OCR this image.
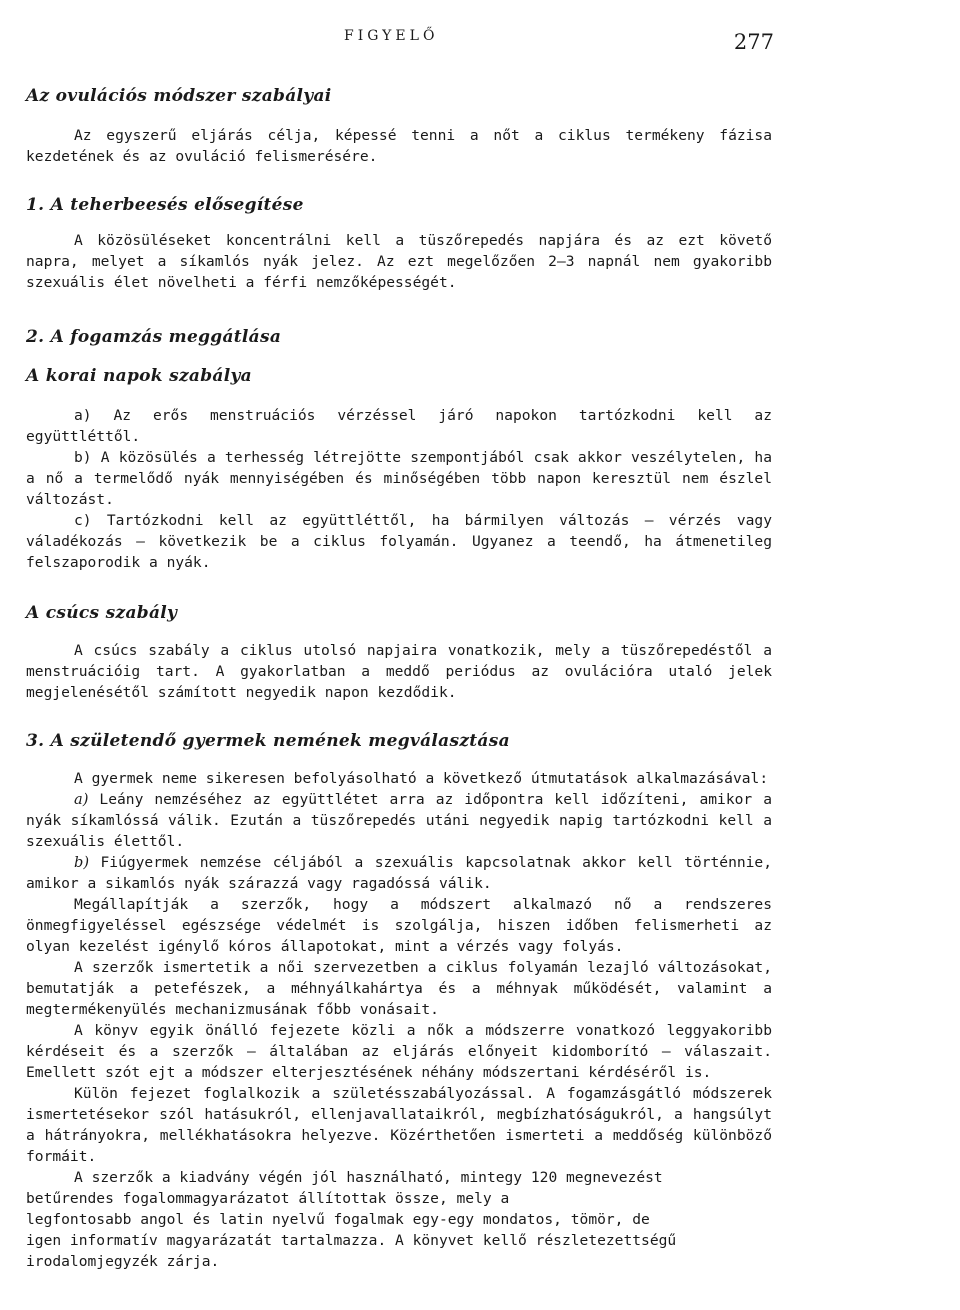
FIGYELŐ	277
Az ovulációs módszer szabályai

Az egyszerű eljárás célja, képessé tenni a nőt a ciklus termékeny fázisa kezdetének és az ovuláció felismerésére.

1. A teherbeesés elősegítése

A közösüléseket koncentrálni kell a tüszőrepedés napjára és az ezt követő napra, melyet a síkamlós nyák jelez. Az ezt megelőzően 2—3 napnál nem gyakoribb szexuális élet növelheti a férfi nemzőképességét.

2. A fogamzás meggátlása
A korai napok szabálya

a) Az erős menstruációs vérzéssel járó napokon tartózkodni kell az együttléttől.

b) A közösülés a terhesség létrejötte szempontjából csak akkor veszélytelen, ha a nő a termelődő nyák mennyiségében és minőségében több napon keresztül nem észlel változást.

c) Tartózkodni kell az együttléttől, ha bármilyen változás — vérzés vagy váladékozás — következik be a ciklus folyamán. Ugyanez a teendő, ha átmenetileg felszaporodik a nyák.

A csúcs szabály

A csúcs szabály a ciklus utolsó napjaira vonatkozik, mely a tüszőrepedéstől a menstruációig tart. A gyakorlatban a meddő periódus az ovulációra utaló jelek megjelenésétől számított negyedik napon kezdődik.

3. A születendő gyermek nemének megválasztása

A gyermek neme sikeresen befolyásolható a következő útmutatások alkalmazásával:

a) Leány nemzéséhez az együttlétet arra az időpontra kell időzíteni, amikor a nyák síkamlóssá válik. Ezután a tüszőrepedés utáni negyedik napig tartózkodni kell a szexuális élettől.

b) Fiúgyermek nemzése céljából a szexuális kapcsolatnak akkor kell történnie, amikor a sikamlós nyák szárazzá vagy ragadóssá válik.

Megállapítják a szerzők, hogy a módszert alkalmazó nő a rendszeres önmegfigyeléssel egészsége védelmét is szolgálja, hiszen időben felismerheti az olyan kezelést igénylő kóros állapotokat, mint a vérzés vagy folyás.

A szerzők ismertetik a női szervezetben a ciklus folyamán lezajló változásokat, bemutatják a petefészek, a méhnyálkahártya és a méhnyak működését, valamint a megtermékenyülés mechanizmusának főbb vonásait.

A könyv egyik önálló fejezete közli a nők a módszerre vonatkozó leggyakoribb kérdéseit és a szerzők — általában az eljárás előnyeit kidomborító — válaszait. Emellett szót ejt a módszer elterjesztésének néhány módszertani kérdéséről is.

Külön fejezet foglalkozik a születésszabályozással. A fogamzásgátló módszerek ismertetésekor szól hatásukról, ellenjavallataikról, megbízhatóságukról, a hangsúlyt a hátrányokra, mellékhatásokra helyezve. Közérthetően ismerteti a meddőség különböző formáit.

A szerzők a kiadvány végén jól használható, mintegy 120 megnevezést
betűrendes fogalommagyarázatot állítottak össze, mely a
legfontosabb angol és latin nyelvű fogalmak egy-egy mondatos, tömör, de
igen informatív magyarázatát tartalmazza. A könyvet kellő részletezettségű
irodalomjegyzék zárja.
